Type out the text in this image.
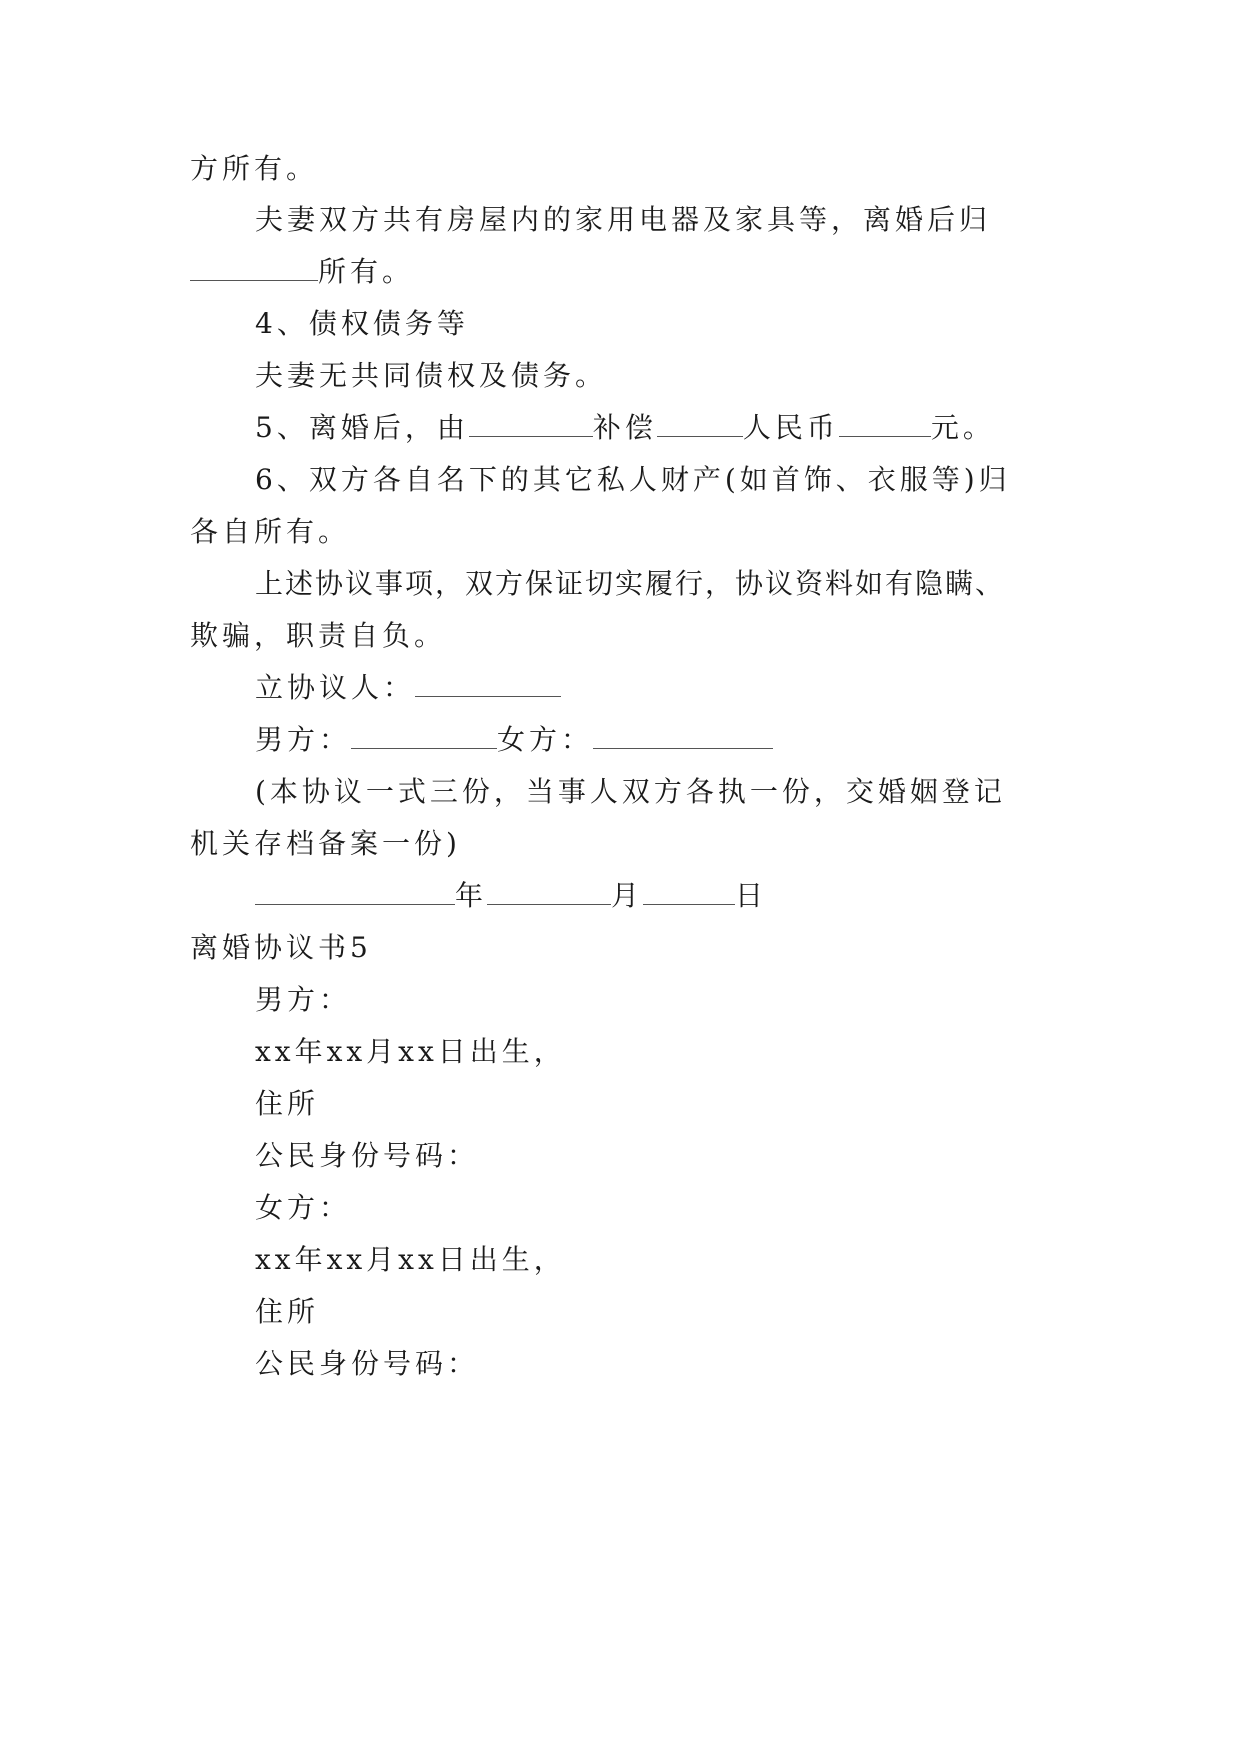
方所有。
夫妻双方共有房屋内的家用电器及家具等，离婚后归
所有。
4、债权债务等
夫妻无共同债权及债务。
5、离婚后，由	补偿	人民币	元。
6、双方各自名下的其它私人财产(如首饰、衣服等)归
各自所有。
上述协议事项，双方保证切实履行，协议资料如有隐瞒、
欺骗，职责自负。
立协议人：
男方：	女方：
(本协议一式三份，当事人双方各执一份，交婚姻登记
机关存档备案一份)
年	月	日
离婚协议书5
男方：
xx年xx月xx日出生，
住所
公民身份号码：
女方：
xx年xx月xx日出生，
住所
公民身份号码：
